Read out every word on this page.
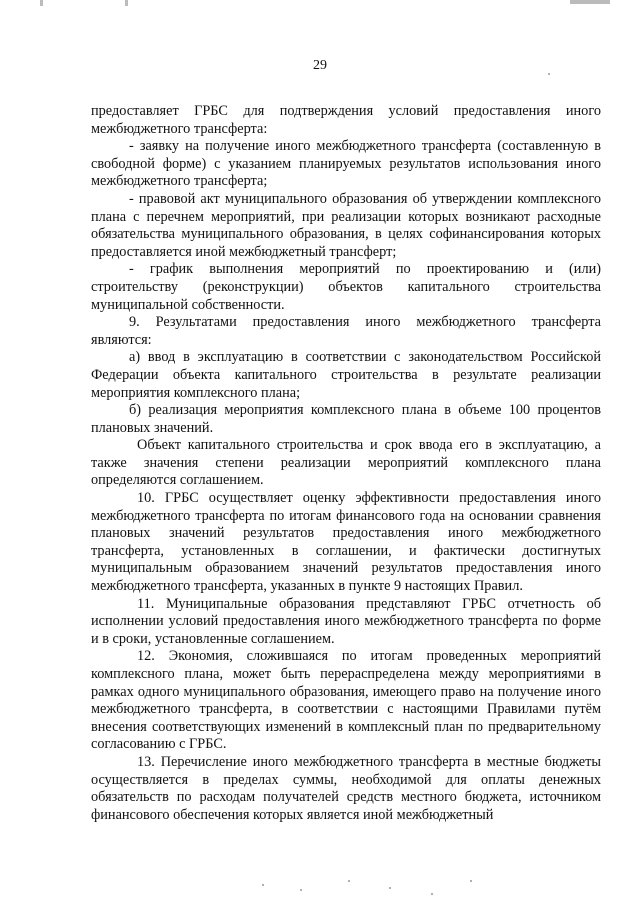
29

предоставляет ГРБС для подтверждения условий предоставления иного межбюджетного трансферта:

- заявку на получение иного межбюджетного трансферта (составленную в свободной форме) с указанием планируемых результатов использования иного межбюджетного трансферта;

- правовой акт муниципального образования об утверждении комплексного плана с перечнем мероприятий, при реализации которых возникают расходные обязательства муниципального образования, в целях софинансирования которых предоставляется иной межбюджетный трансферт;

- график выполнения мероприятий по проектированию и (или) строительству (реконструкции) объектов капитального строительства муниципальной собственности.

9. Результатами предоставления иного межбюджетного трансферта являются:

а) ввод в эксплуатацию в соответствии с законодательством Российской Федерации объекта капитального строительства в результате реализации мероприятия комплексного плана;

б) реализация мероприятия комплексного плана в объеме 100 процентов плановых значений.

Объект капитального строительства и срок ввода его в эксплуатацию, а также значения степени реализации мероприятий комплексного плана определяются соглашением.

10. ГРБС осуществляет оценку эффективности предоставления иного межбюджетного трансферта по итогам финансового года на основании сравнения плановых значений результатов предоставления иного межбюджетного трансферта, установленных в соглашении, и фактически достигнутых муниципальным образованием значений результатов предоставления иного межбюджетного трансферта, указанных в пункте 9 настоящих Правил.

11. Муниципальные образования представляют ГРБС отчетность об исполнении условий предоставления иного межбюджетного трансферта по форме и в сроки, установленные соглашением.

12. Экономия, сложившаяся по итогам проведенных мероприятий комплексного плана, может быть перераспределена между мероприятиями в рамках одного муниципального образования, имеющего право на получение иного межбюджетного трансферта, в соответствии с настоящими Правилами путём внесения соответствующих изменений в комплексный план по предварительному согласованию с ГРБС.

13. Перечисление иного межбюджетного трансферта в местные бюджеты осуществляется в пределах суммы, необходимой для оплаты денежных обязательств по расходам получателей средств местного бюджета, источником финансового обеспечения которых является иной межбюджетный
